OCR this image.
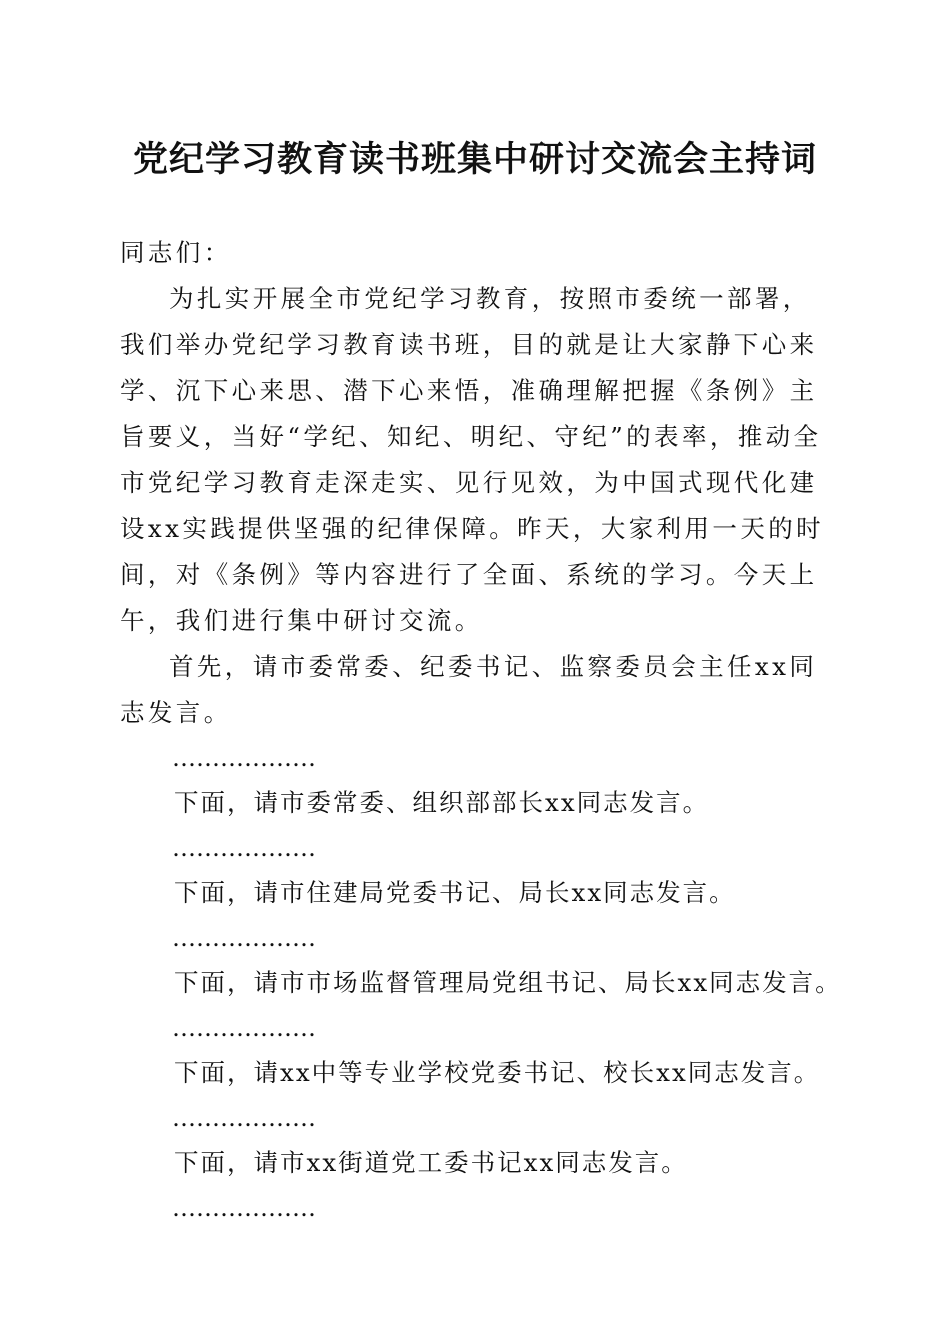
党纪学习教育读书班集中研讨交流会主持词

同志们：

为扎实开展全市党纪学习教育，按照市委统一部署，我们举办党纪学习教育读书班，目的就是让大家静下心来学、沉下心来思、潜下心来悟，准确理解把握《条例》主旨要义，当好“学纪、知纪、明纪、守纪”的表率，推动全市党纪学习教育走深走实、见行见效，为中国式现代化建设xx实践提供坚强的纪律保障。昨天，大家利用一天的时间，对《条例》等内容进行了全面、系统的学习。今天上午，我们进行集中研讨交流。

首先，请市委常委、纪委书记、监察委员会主任xx同志发言。

………………

下面，请市委常委、组织部部长xx同志发言。

………………

下面，请市住建局党委书记、局长xx同志发言。

………………

下面，请市市场监督管理局党组书记、局长xx同志发言。

………………

下面，请xx中等专业学校党委书记、校长xx同志发言。

………………

下面，请市xx街道党工委书记xx同志发言。

………………
